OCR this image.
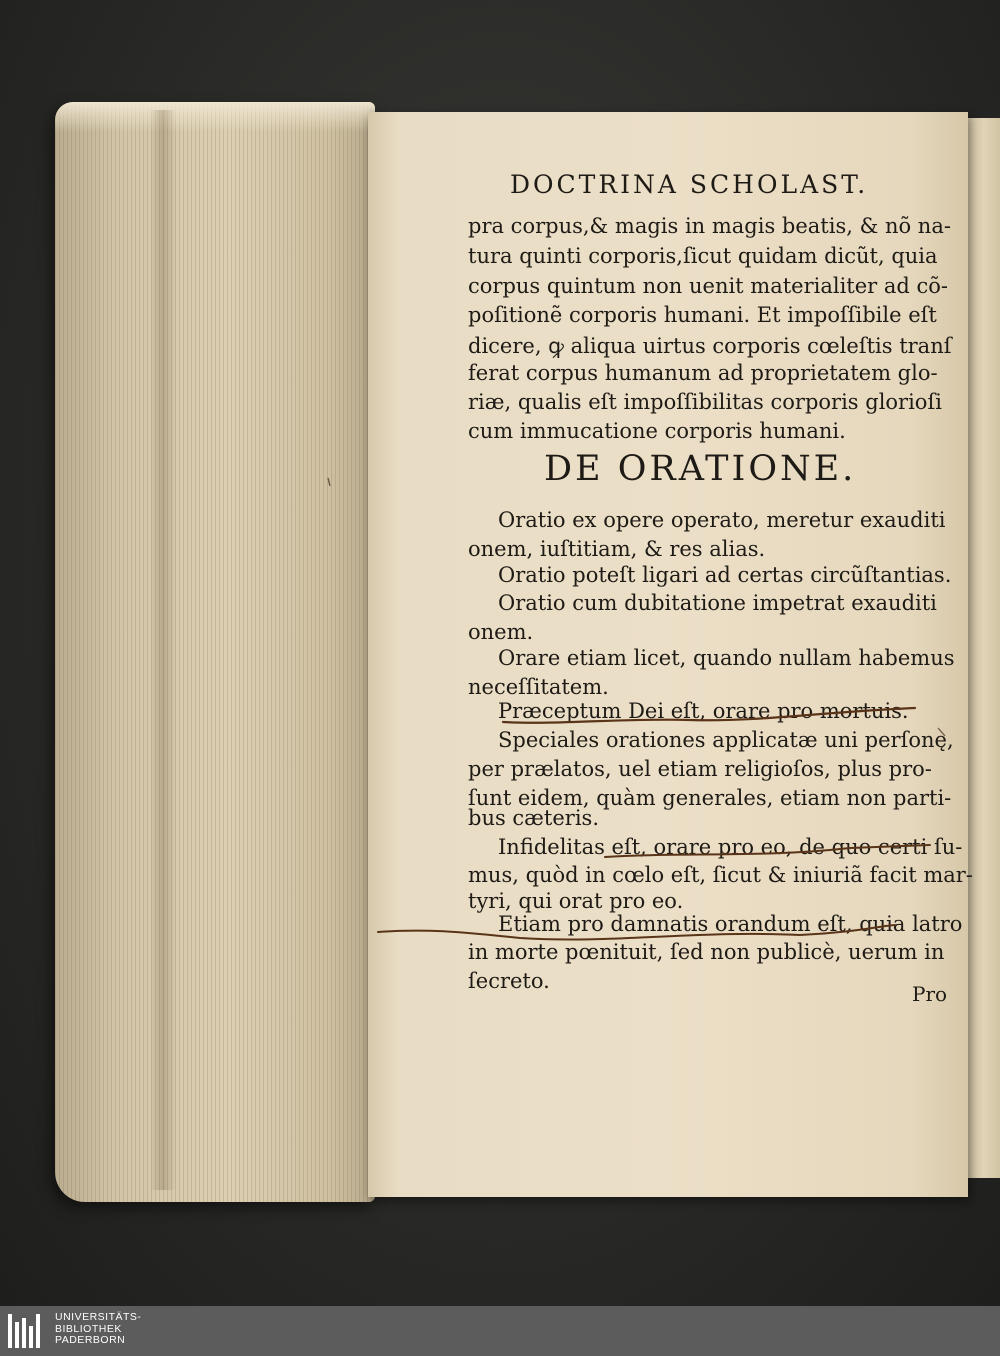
DOCTRINA SCHOLAST.
pra corpus,& magis in magis beatis, & nõ na-
tura quinti corporis,ſicut quidam dicũt, quia
corpus quintum non uenit materialiter ad cõ-
poſitionẽ corporis humani. Et impoſſibile eſt
dicere, ꝙ aliqua uirtus corporis cœleſtis tranſ
ferat corpus humanum ad proprietatem glo-
riæ, qualis eſt impoſſibilitas corporis glorioſi
cum immucatione corporis humani.
DE ORATIONE.
Oratio ex opere operato, meretur exauditi
onem, iuſtitiam, & res alias.
Oratio poteſt ligari ad certas circũſtantias.
Oratio cum dubitatione impetrat exauditi
onem.
Orare etiam licet, quando nullam habemus
neceſſitatem.
Præceptum Dei eſt, orare pro mortuis.
Speciales orationes applicatæ uni perſonę,
per prælatos, uel etiam religioſos, plus pro-
ſunt eidem, quàm generales, etiam non parti-
bus cæteris.
Infidelitas eſt, orare pro eo, de quo certi ſu-
mus, quòd in cœlo eſt, ſicut & iniuriã facit mar-
tyri, qui orat pro eo.
Etiam pro damnatis orandum eſt, quia latro
in morte pœnituit, ſed non publicè, uerum in
ſecreto.
Pro
UNIVERSITÄTS-
BIBLIOTHEK
PADERBORN
